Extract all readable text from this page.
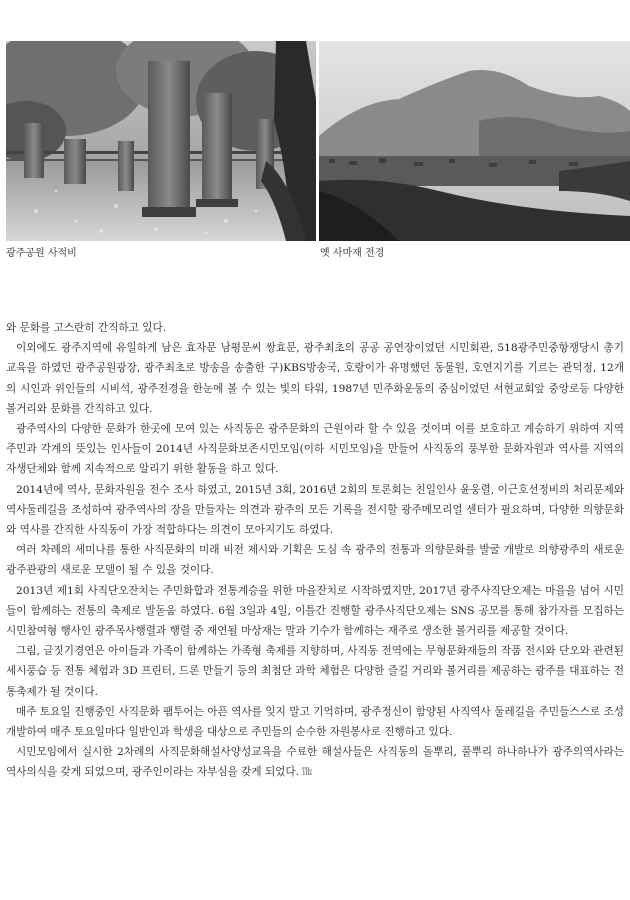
광주공원 사적비	옛 사마재 전경

와 문화를 고스란히 간직하고 있다.

이외에도 광주지역에 유일하게 남은 효자문 남평문씨 쌍효문, 광주최초의 공공 공연장이었던 시민회관, 518광주민중항쟁당시 총기교육을 하였던 광주공원광장, 광주최초로 방송을 송출한 구)KBS방송국, 호랑이가 유명했던 동물원, 호연지기를 기르는 관덕정, 12개의 시인과 위인들의 시비석, 광주전경을 한눈에 볼 수 있는 빛의 타워, 1987년 민주화운동의 중심이었던 서현교회앞 중앙로등 다양한 볼거리와 문화를 간직하고 있다.

광주역사의 다양한 문화가 한곳에 모여 있는 사직동은 광주문화의 근원이라 할 수 있을 것이며 이를 보호하고 계승하기 위하여 지역주민과 각계의 뜻있는 인사들이 2014년 사직문화보존시민모임(이하 시민모임)을 만들어 사직동의 풍부한 문화자원과 역사를 지역의 자생단체와 함께 지속적으로 알리기 위한 활동을 하고 있다.

2014년에 역사, 문화자원을 전수 조사 하였고, 2015년 3회, 2016년 2회의 토론회는 친일인사 윤웅렬, 이근호선정비의 처리문제와 역사둘레길을 조성하여 광주역사의 장을 만들자는 의견과 광주의 모든 기록을 전시할 광주메모리얼 센터가 필요하며, 다양한 의향문화와 역사를 간직한 사직동이 가장 적합하다는 의견이 모아지기도 하였다.

여러 차례의 세미나를 통한 사직문화의 미래 비전 제시와 기획은 도심 속 광주의 전통과 의향문화를 발굴 개발로 의향광주의 새로운 광주관광의 새로운 모델이 될 수 있을 것이다.

2013년 제1회 사직단오잔치는 주민화합과 전통계승을 위한 마을잔치로 시작하였지만, 2017년 광주사직단오제는 마을을 넘어 시민들이 함께하는 전통의 축제로 발돋움 하였다. 6월 3일과 4일, 이틀간 진행할 광주사직단오제는 SNS 공모를 통해 참가자를 모집하는 시민참여형 행사인 광주목사행렬과 행렬 중 재연될 마상재는 말과 기수가 함께하는 재주로 생소한 볼거리를 제공할 것이다.

그림, 글짓기경연은 아이들과 가족이 함께하는 가족형 축제를 지향하며, 사직동 전역에는 무형문화재들의 작품 전시와 단오와 관련된 세시풍습 등 전통 체험과 3D 프린터, 드론 만들기 등의 최첨단 과학 체험은 다양한 즐길 거리와 볼거리를 제공하는 광주를 대표하는 전통축제가 될 것이다.

매주 토요일 진행중인 사직문화 팸투어는 아픈 역사를 잊지 말고 기억하며, 광주정신이 함양된 사직역사 둘레길을 주민들스스로 조성 개발하여 매주 토요일마다 일반인과 학생을 대상으로 주민들의 순수한 자원봉사로 진행하고 있다.

시민모임에서 실시한 2차례의 사직문화해설사양성교육을 수료한 해설사들은 사직동의 돌뿌리, 풀뿌리 하나하나가 광주의역사라는 역사의식을 갖게 되었으며, 광주인이라는 자부심을 갖게 되었다. ㎔
